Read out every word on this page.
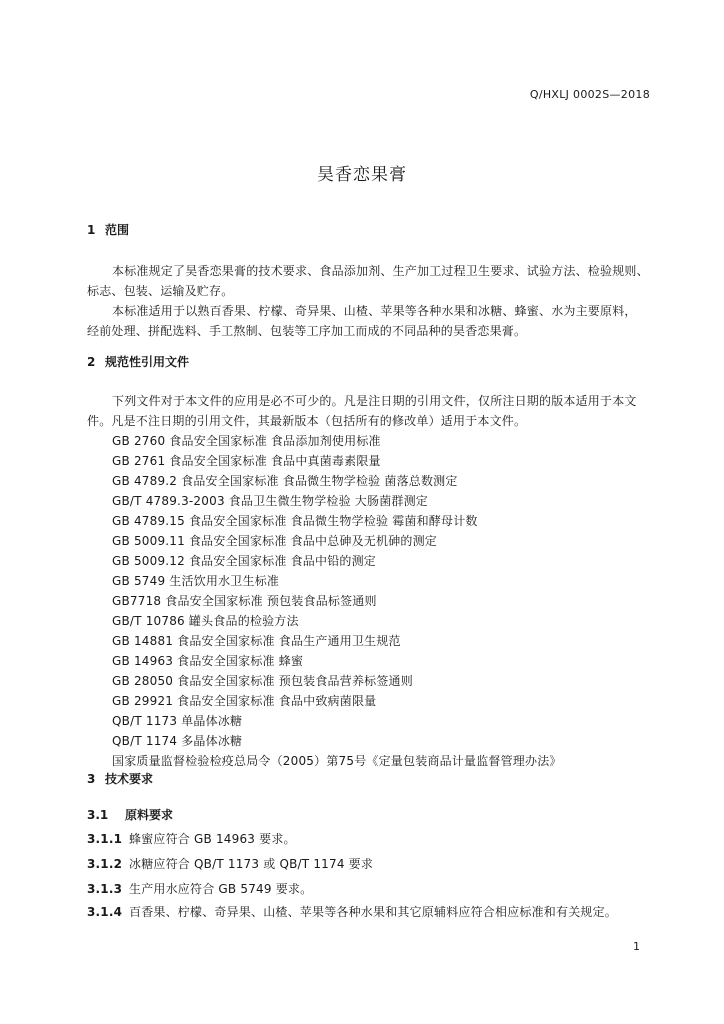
Q/HXLJ 0002S—2018
昊香恋果膏
1 范围
本标准规定了昊香恋果膏的技术要求、食品添加剂、生产加工过程卫生要求、试验方法、检验规则、
标志、包装、运输及贮存。
本标准适用于以熟百香果、柠檬、奇异果、山楂、苹果等各种水果和冰糖、蜂蜜、水为主要原料，
经前处理、拼配选料、手工熬制、包装等工序加工而成的不同品种的昊香恋果膏。
2 规范性引用文件
下列文件对于本文件的应用是必不可少的。凡是注日期的引用文件，仅所注日期的版本适用于本文
件。凡是不注日期的引用文件，其最新版本（包括所有的修改单）适用于本文件。
GB 2760 食品安全国家标准 食品添加剂使用标准
GB 2761 食品安全国家标准 食品中真菌毒素限量
GB 4789.2 食品安全国家标准 食品微生物学检验 菌落总数测定
GB/T 4789.3-2003 食品卫生微生物学检验 大肠菌群测定
GB 4789.15 食品安全国家标准 食品微生物学检验 霉菌和酵母计数
GB 5009.11 食品安全国家标准 食品中总砷及无机砷的测定
GB 5009.12 食品安全国家标准 食品中铅的测定
GB 5749 生活饮用水卫生标准
GB7718 食品安全国家标准 预包装食品标签通则
GB/T 10786 罐头食品的检验方法
GB 14881 食品安全国家标准 食品生产通用卫生规范
GB 14963 食品安全国家标准 蜂蜜
GB 28050 食品安全国家标准 预包装食品营养标签通则
GB 29921 食品安全国家标准 食品中致病菌限量
QB/T 1173 单晶体冰糖
QB/T 1174 多晶体冰糖
国家质量监督检验检疫总局令（2005）第75号《定量包装商品计量监督管理办法》
3 技术要求
3.1 原料要求
3.1.1 蜂蜜应符合 GB 14963 要求。
3.1.2 冰糖应符合 QB/T 1173 或 QB/T 1174 要求
3.1.3 生产用水应符合 GB 5749 要求。
3.1.4 百香果、柠檬、奇异果、山楂、苹果等各种水果和其它原辅料应符合相应标准和有关规定。
1
